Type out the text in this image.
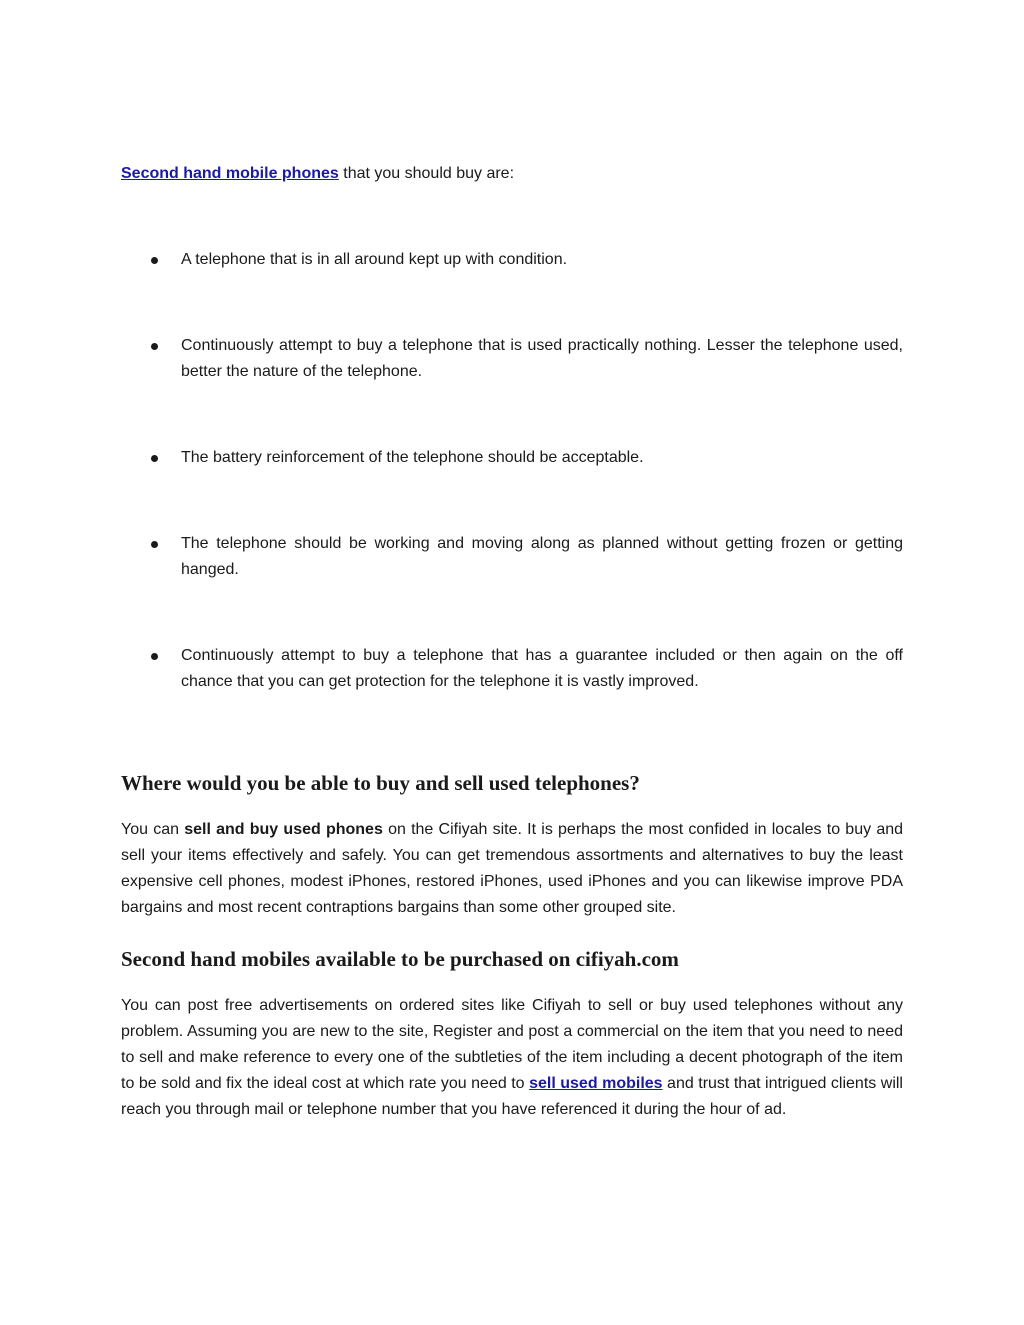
Second hand mobile phones that you should buy are:

A telephone that is in all around kept up with condition.

Continuously attempt to buy a telephone that is used practically nothing. Lesser the telephone used, better the nature of the telephone.

The battery reinforcement of the telephone should be acceptable.

The telephone should be working and moving along as planned without getting frozen or getting hanged.

Continuously attempt to buy a telephone that has a guarantee included or then again on the off chance that you can get protection for the telephone it is vastly improved.

Where would you be able to buy and sell used telephones?

You can sell and buy used phones on the Cifiyah site. It is perhaps the most confided in locales to buy and sell your items effectively and safely. You can get tremendous assortments and alternatives to buy the least expensive cell phones, modest iPhones, restored iPhones, used iPhones and you can likewise improve PDA bargains and most recent contraptions bargains than some other grouped site.

Second hand mobiles available to be purchased on cifiyah.com

You can post free advertisements on ordered sites like Cifiyah to sell or buy used telephones without any problem. Assuming you are new to the site, Register and post a commercial on the item that you need to need to sell and make reference to every one of the subtleties of the item including a decent photograph of the item to be sold and fix the ideal cost at which rate you need to sell used mobiles and trust that intrigued clients will reach you through mail or telephone number that you have referenced it during the hour of ad.
